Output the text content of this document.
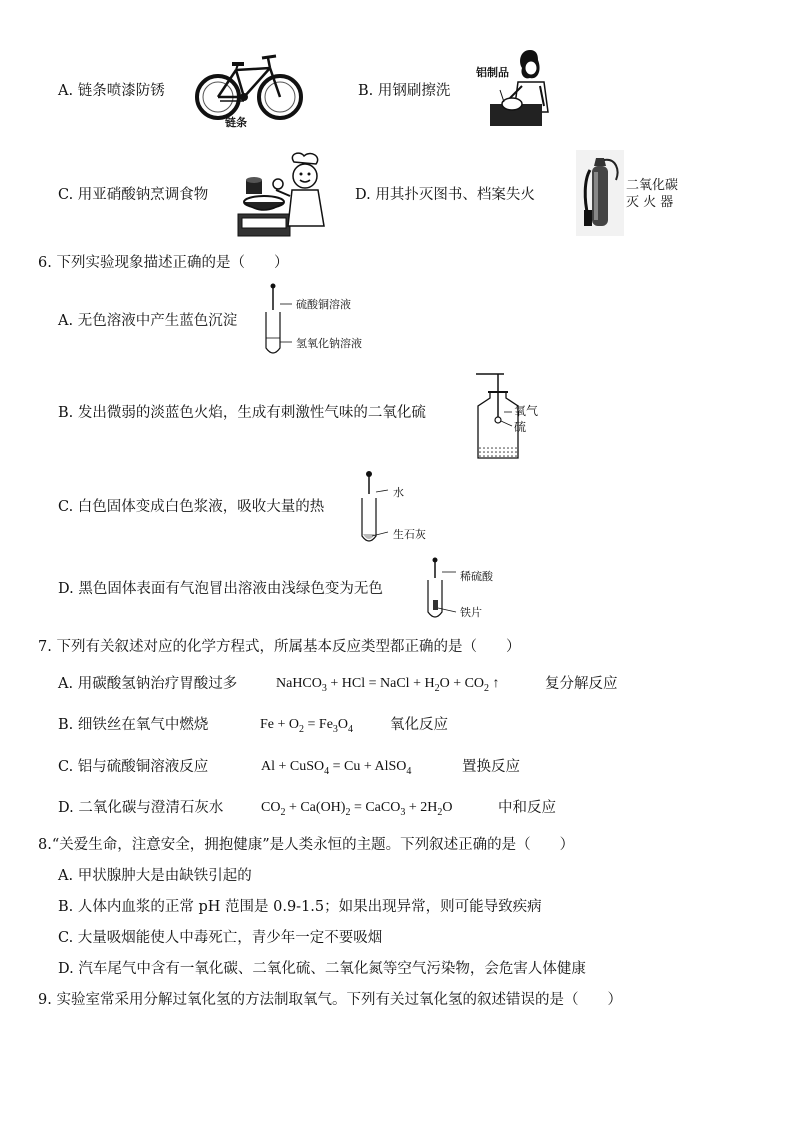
A. 链条喷漆防锈
链条
B. 用钢刷擦洗
铝制品
C. 用亚硝酸钠烹调食物	D. 用其扑灭图书、档案失火
二氧化碳
灭 火 器
6. 下列实验现象描述正确的是（　　）
A. 无色溶液中产生蓝色沉淀
硫酸铜溶液
氢氧化钠溶液
B. 发出微弱的淡蓝色火焰，生成有刺激性气味的二氧化硫	氧气
硫
C. 白色固体变成白色浆液，吸收大量的热
水
生石灰
D. 黑色固体表面有气泡冒出溶液由浅绿色变为无色
稀硫酸
铁片
7. 下列有关叙述对应的化学方程式，所属基本反应类型都正确的是（　　）
A. 用碳酸氢钠治疗胃酸过多	NaHCO$_3$ + HCl = NaCl + $H_2O + CO_2$ ↑	复分解反应
B. 细铁丝在氧气中燃烧	$Fe + O_2 = Fe_3O_4$	氧化反应
C. 铝与硫酸铜溶液反应	Al + CuSO$_4$ = Cu + AlSO$_4$	置换反应
D. 二氧化碳与澄清石灰水	$CO_2 + Ca(OH)_2$ = CaCO$_3$ + $2H_2O$	中和反应
8.“关爱生命，注意安全，拥抱健康”是人类永恒的主题。下列叙述正确的是（　　）
A. 甲状腺肿大是由缺铁引起的
B. 人体内血浆的正常 pH 范围是 0.9-1.5；如果出现异常，则可能导致疾病
C. 大量吸烟能使人中毒死亡，青少年一定不要吸烟
D. 汽车尾气中含有一氧化碳、二氧化硫、二氧化氮等空气污染物，会危害人体健康
9. 实验室常采用分解过氧化氢的方法制取氧气。下列有关过氧化氢的叙述错误的是（　　）
